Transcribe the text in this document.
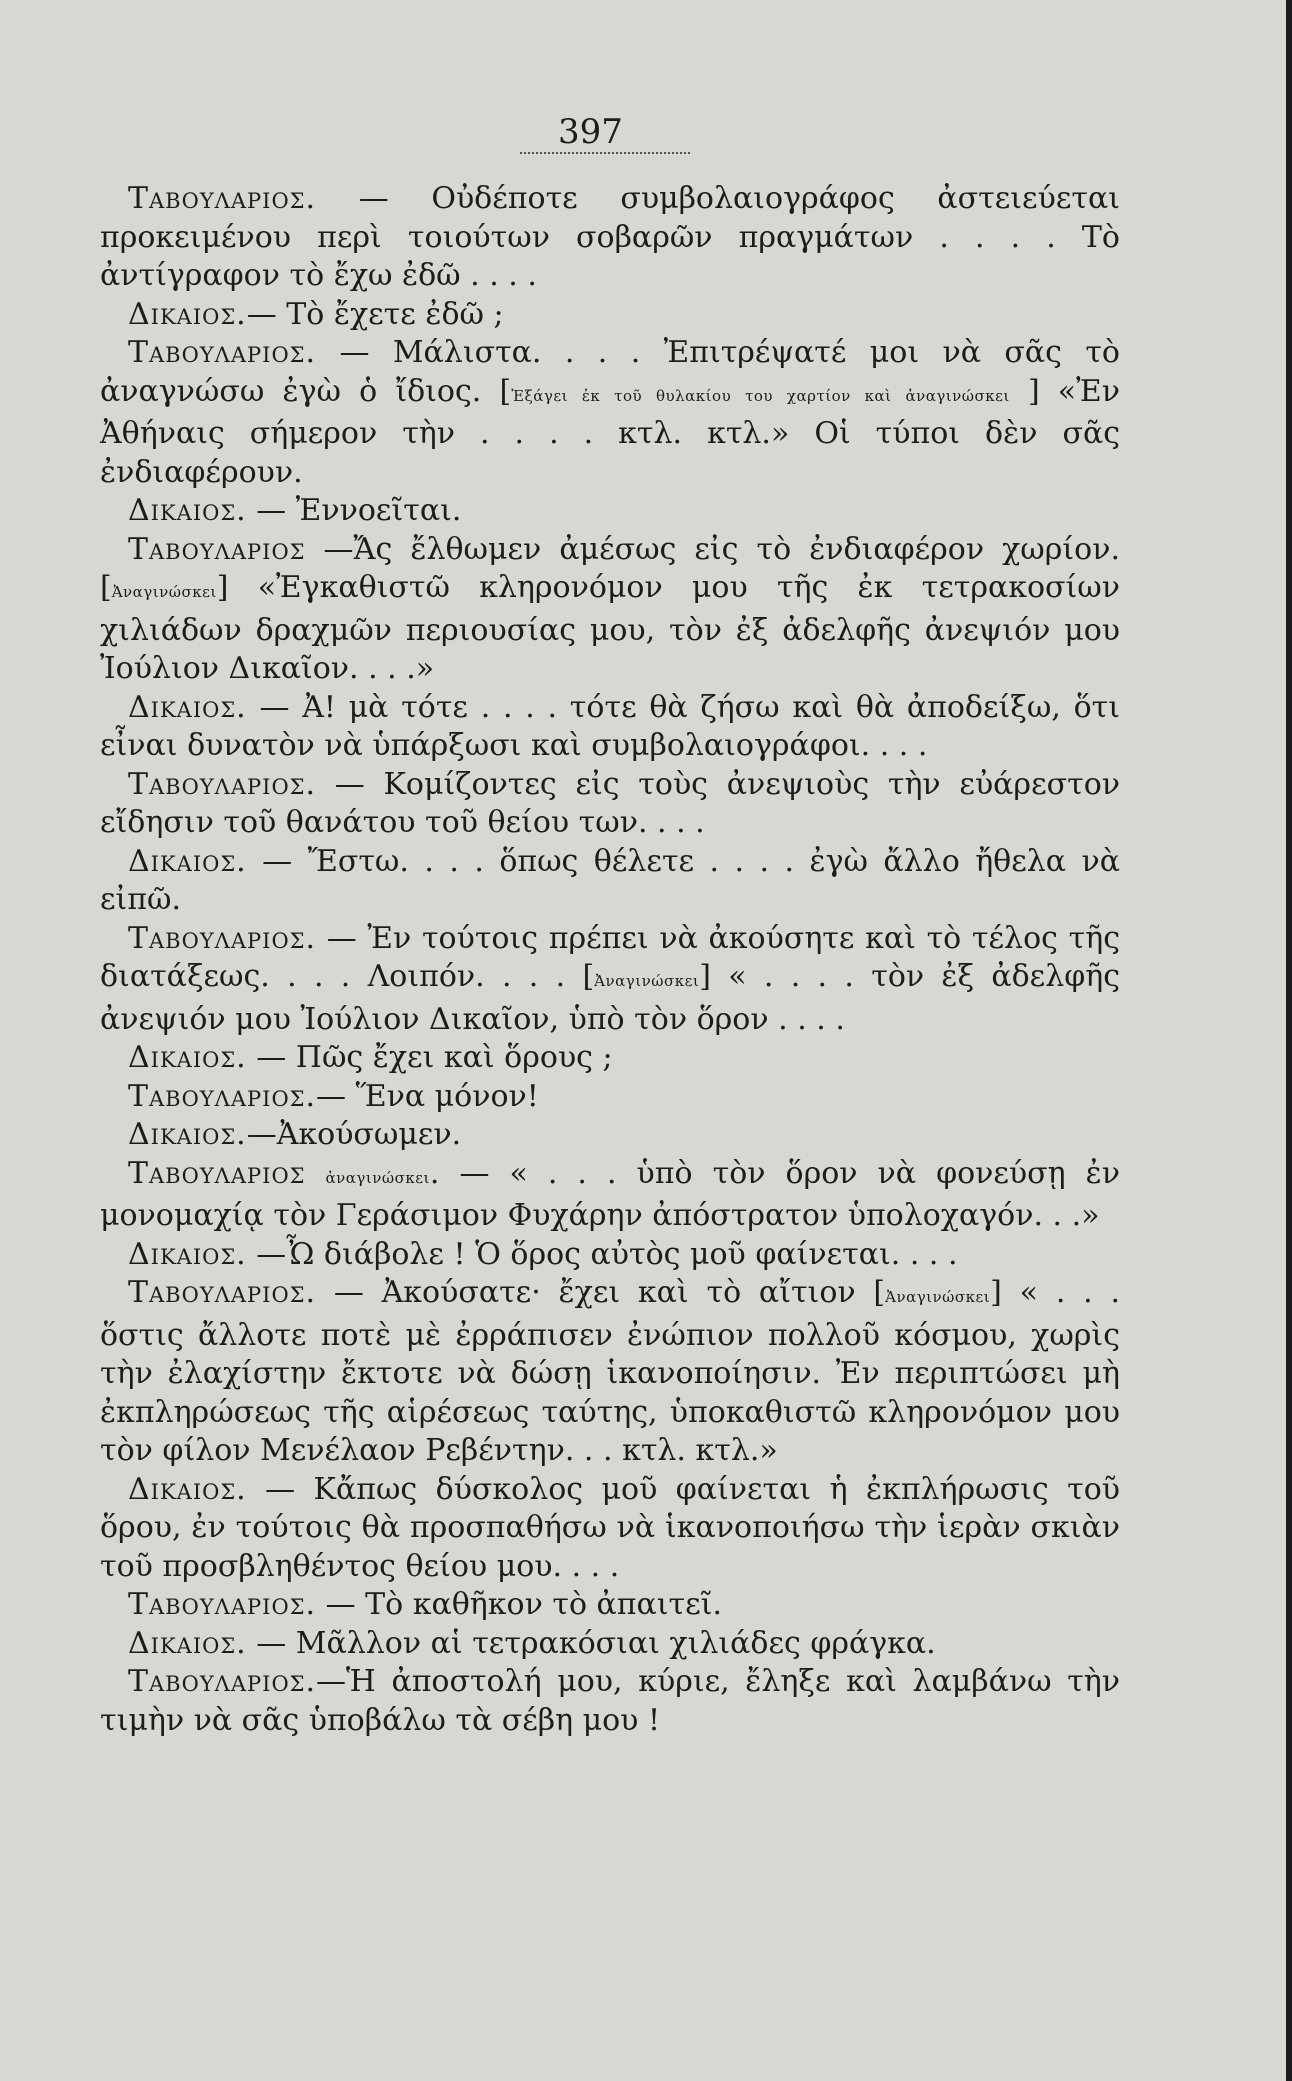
397

Ταβουλαριος. — Οὐδέποτε συμβολαιογράφος ἀστειεύεται προκειμένου περὶ τοιούτων σοβαρῶν πραγμάτων . . . . Τὸ ἀντίγραφον τὸ ἔχω ἐδῶ . . . .

Δικαιος.— Τὸ ἔχετε ἐδῶ ;

Ταβουλαριος. — Μάλιστα. . . . Ἐπιτρέψατέ μοι νὰ σᾶς τὸ ἀναγνώσω ἐγὼ ὁ ἴδιος. [Ἐξάγει ἐκ τοῦ θυλακίου του χαρτίον καὶ ἀναγινώσκει ] «Ἐν Ἀθήναις σήμερον τὴν . . . . κτλ. κτλ.» Οἱ τύποι δὲν σᾶς ἐνδιαφέρουν.

Δικαιος. — Ἐννοεῖται.

Ταβουλαριος —Ἄς ἔλθωμεν ἀμέσως εἰς τὸ ἐνδιαφέρον χωρίον. [Ἀναγινώσκει] «Ἐγκαθιστῶ κληρονόμον μου τῆς ἐκ τετρακοσίων χιλιάδων δραχμῶν περιουσίας μου, τὸν ἐξ ἀδελφῆς ἀνεψιόν μου Ἰούλιον Δικαῖον. . . .»

Δικαιος. — Ἀ! μὰ τότε . . . . τότε θὰ ζήσω καὶ θὰ ἀποδείξω, ὅτι εἶναι δυνατὸν νὰ ὑπάρξωσι καὶ συμβολαιογράφοι. . . .

Ταβουλαριος. — Κομίζοντες εἰς τοὺς ἀνεψιοὺς τὴν εὐάρεστον εἴδησιν τοῦ θανάτου τοῦ θείου των. . . .

Δικαιος. — Ἔστω. . . . ὅπως θέλετε . . . . ἐγὼ ἄλλο ἤθελα νὰ εἰπῶ.

Ταβουλαριος. — Ἐν τούτοις πρέπει νὰ ἀκούσητε καὶ τὸ τέλος τῆς διατάξεως. . . . Λοιπόν. . . . [Ἀναγινώσκει] « . . . . τὸν ἐξ ἀδελφῆς ἀνεψιόν μου Ἰούλιον Δικαῖον, ὑπὸ τὸν ὅρον . . . .

Δικαιος. — Πῶς ἔχει καὶ ὅρους ;

Ταβουλαριος.— Ἕνα μόνον!

Δικαιος.—Ἀκούσωμεν.

Ταβουλαριος ἀναγινώσκει. — « . . . ὑπὸ τὸν ὅρον νὰ φονεύσῃ ἐν μονομαχίᾳ τὸν Γεράσιμον Φυχάρην ἀπόστρατον ὑπολοχαγόν. . .»

Δικαιος. —Ὦ διάβολε ! Ὁ ὅρος αὐτὸς μοῦ φαίνεται. . . .

Ταβουλαριος. — Ἀκούσατε· ἔχει καὶ τὸ αἴτιον [Ἀναγινώσκει] « . . . ὅστις ἄλλοτε ποτὲ μὲ ἐρράπισεν ἐνώπιον πολλοῦ κόσμου, χωρὶς τὴν ἐλαχίστην ἔκτοτε νὰ δώσῃ ἱκανοποίησιν. Ἐν περιπτώσει μὴ ἐκπληρώσεως τῆς αἱρέσεως ταύτης, ὑποκαθιστῶ κληρονόμον μου τὸν φίλον Μενέλαον Ρεβέντην. . . κτλ. κτλ.»

Δικαιος. — Κἄπως δύσκολος μοῦ φαίνεται ἡ ἐκπλήρωσις τοῦ ὅρου, ἐν τούτοις θὰ προσπαθήσω νὰ ἱκανοποιήσω τὴν ἱερὰν σκιὰν τοῦ προσβληθέντος θείου μου. . . .

Ταβουλαριος. — Τὸ καθῆκον τὸ ἀπαιτεῖ.

Δικαιος. — Μᾶλλον αἱ τετρακόσιαι χιλιάδες φράγκα.

Ταβουλαριος.—Ἡ ἀποστολή μου, κύριε, ἔληξε καὶ λαμβάνω τὴν τιμὴν νὰ σᾶς ὑποβάλω τὰ σέβη μου !
